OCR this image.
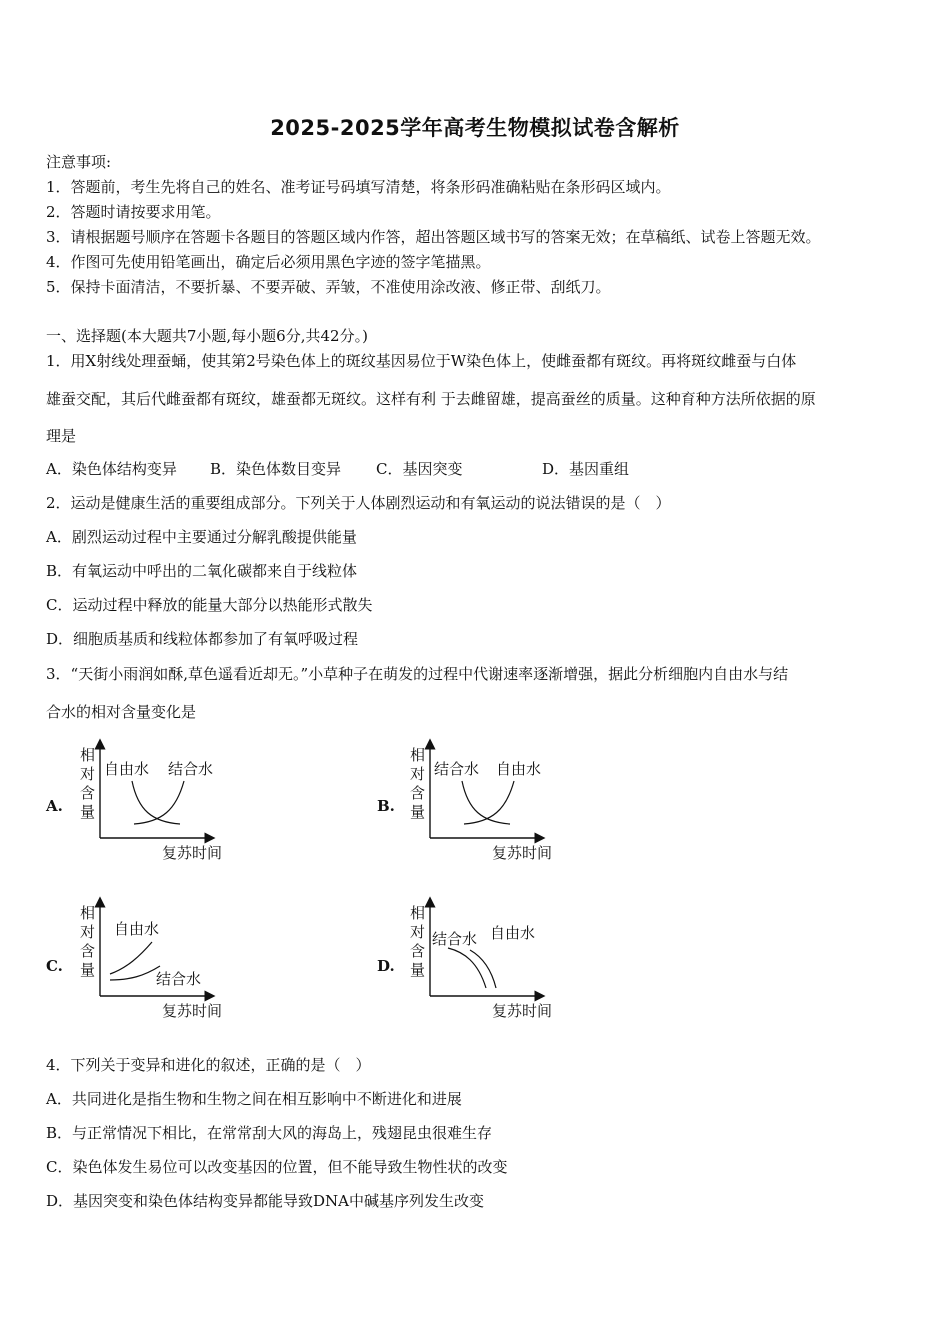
2025-2025学年高考生物模拟试卷含解析
注意事项:
1．答题前，考生先将自己的姓名、准考证号码填写清楚，将条形码准确粘贴在条形码区域内。
2．答题时请按要求用笔。
3．请根据题号顺序在答题卡各题目的答题区域内作答，超出答题区域书写的答案无效；在草稿纸、试卷上答题无效。
4．作图可先使用铅笔画出，确定后必须用黑色字迹的签字笔描黑。
5．保持卡面清洁，不要折暴、不要弄破、弄皱，不准使用涂改液、修正带、刮纸刀。
一、选择题(本大题共7小题,每小题6分,共42分。)
1．用X射线处理蚕蛹，使其第2号染色体上的斑纹基因易位于W染色体上，使雌蚕都有斑纹。再将斑纹雌蚕与白体
雄蚕交配，其后代雌蚕都有斑纹，雄蚕都无斑纹。这样有利 于去雌留雄，提高蚕丝的质量。这种育种方法所依据的原
理是
A．染色体结构变异 B．染色体数目变异 C．基因突变	D．基因重组
2．运动是健康生活的重要组成部分。下列关于人体剧烈运动和有氧运动的说法错误的是（　）
A．剧烈运动过程中主要通过分解乳酸提供能量
B．有氧运动中呼出的二氧化碳都来自于线粒体
C．运动过程中释放的能量大部分以热能形式散失
D．细胞质基质和线粒体都参加了有氧呼吸过程
3．“天街小雨润如酥,草色遥看近却无。”小草种子在萌发的过程中代谢速率逐渐增强，据此分析细胞内自由水与结
合水的相对含量变化是
A.
相
对
含
量
自由水 结合水
复苏时间
B.
相
对
含
量
结合水 自由水
复苏时间
C.
相
对
含
量
自由水
结合水
复苏时间
D.
相
对
含
量
结合水 自由水
复苏时间
4．下列关于变异和进化的叙述，正确的是（　）
A．共同进化是指生物和生物之间在相互影响中不断进化和进展
B．与正常情况下相比，在常常刮大风的海岛上，残翅昆虫很难生存
C．染色体发生易位可以改变基因的位置，但不能导致生物性状的改变
D．基因突变和染色体结构变异都能导致DNA中碱基序列发生改变
